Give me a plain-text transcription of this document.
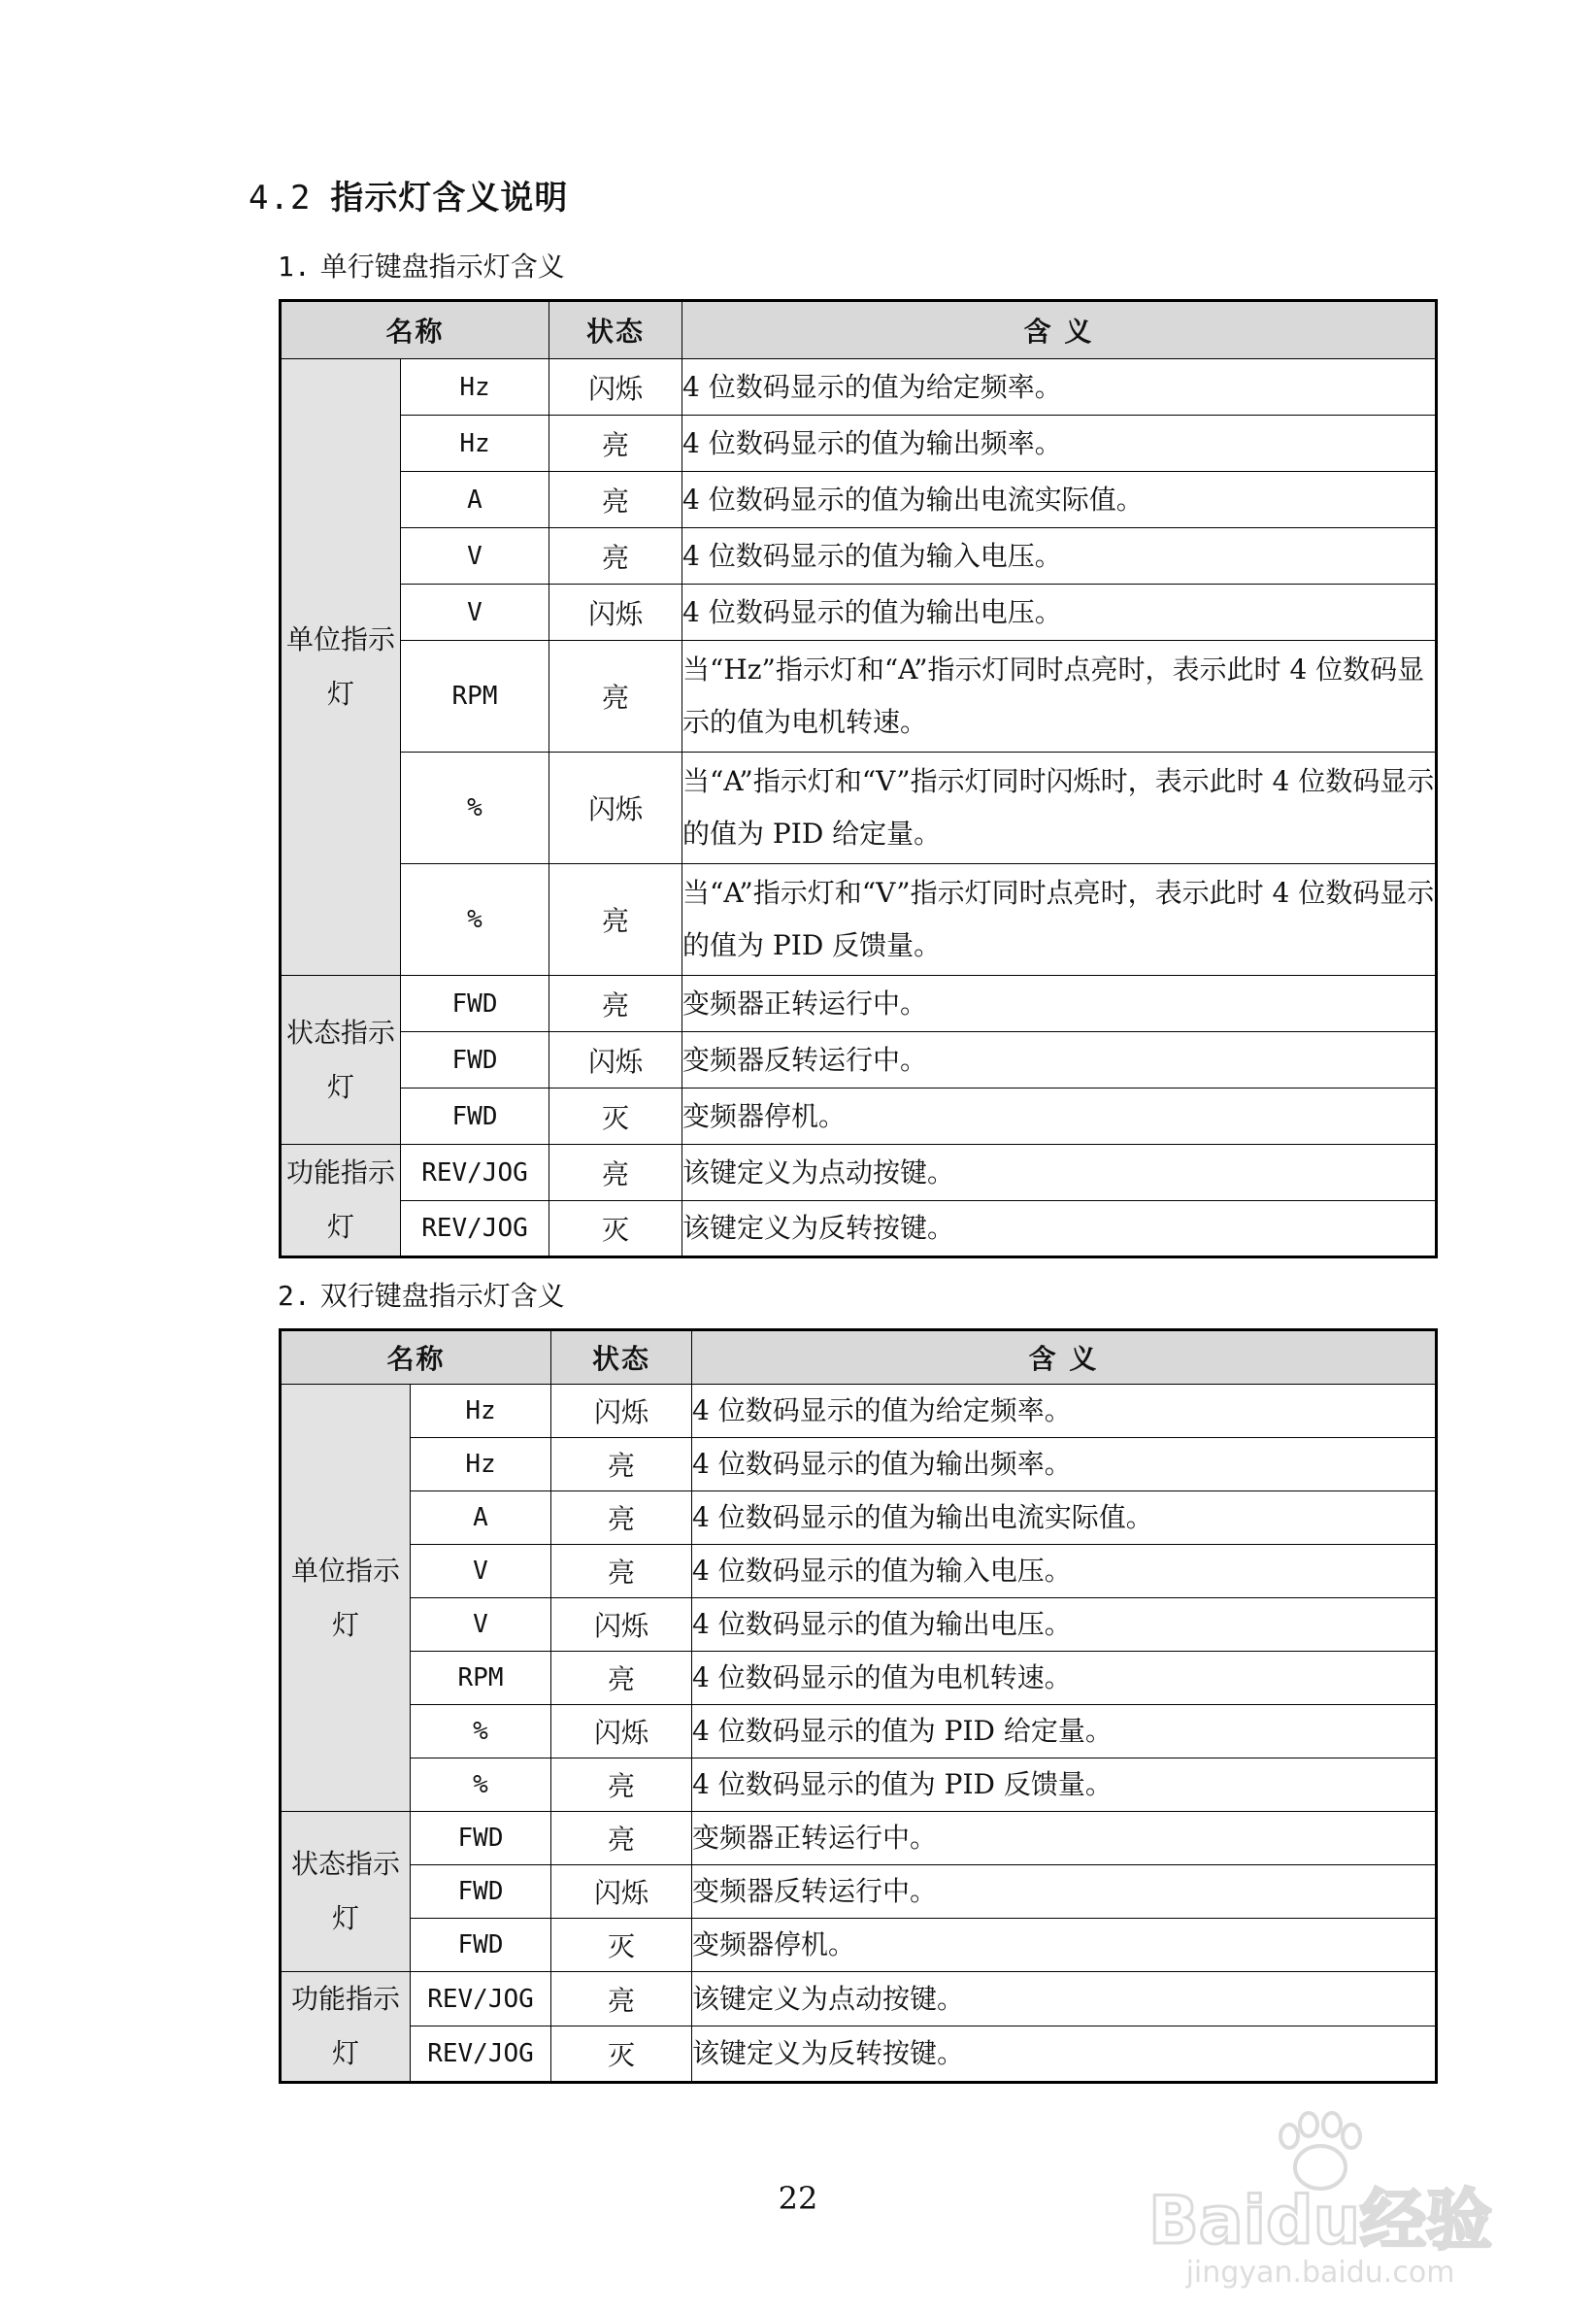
4.2 指示灯含义说明
1. 单行键盘指示灯含义
名称		状态	含 义
单位指示灯	Hz	闪烁	4 位数码显示的值为给定频率。
	Hz	亮	4 位数码显示的值为输出频率。
	A	亮	4 位数码显示的值为输出电流实际值。
	V	亮	4 位数码显示的值为输入电压。
	V	闪烁	4 位数码显示的值为输出电压。
	RPM	亮	当“Hz”指示灯和“A”指示灯同时点亮时，表示此时 4 位数码显示的值为电机转速。
	%	闪烁	当“A”指示灯和“V”指示灯同时闪烁时，表示此时 4 位数码显示的值为 PID 给定量。
	%	亮	当“A”指示灯和“V”指示灯同时点亮时，表示此时 4 位数码显示的值为 PID 反馈量。
状态指示灯	FWD	亮	变频器正转运行中。
	FWD	闪烁	变频器反转运行中。
	FWD	灭	变频器停机。
功能指示灯	REV/JOG	亮	该键定义为点动按键。
	REV/JOG	灭	该键定义为反转按键。
2. 双行键盘指示灯含义
名称		状态	含 义
单位指示灯	Hz	闪烁	4 位数码显示的值为给定频率。
	Hz	亮	4 位数码显示的值为输出频率。
	A	亮	4 位数码显示的值为输出电流实际值。
	V	亮	4 位数码显示的值为输入电压。
	V	闪烁	4 位数码显示的值为输出电压。
	RPM	亮	4 位数码显示的值为电机转速。
	%	闪烁	4 位数码显示的值为 PID 给定量。
	%	亮	4 位数码显示的值为 PID 反馈量。
状态指示灯	FWD	亮	变频器正转运行中。
	FWD	闪烁	变频器反转运行中。
	FWD	灭	变频器停机。
功能指示灯	REV/JOG	亮	该键定义为点动按键。
	REV/JOG	灭	该键定义为反转按键。

22	Baidu经验
jingyan.baidu.com
